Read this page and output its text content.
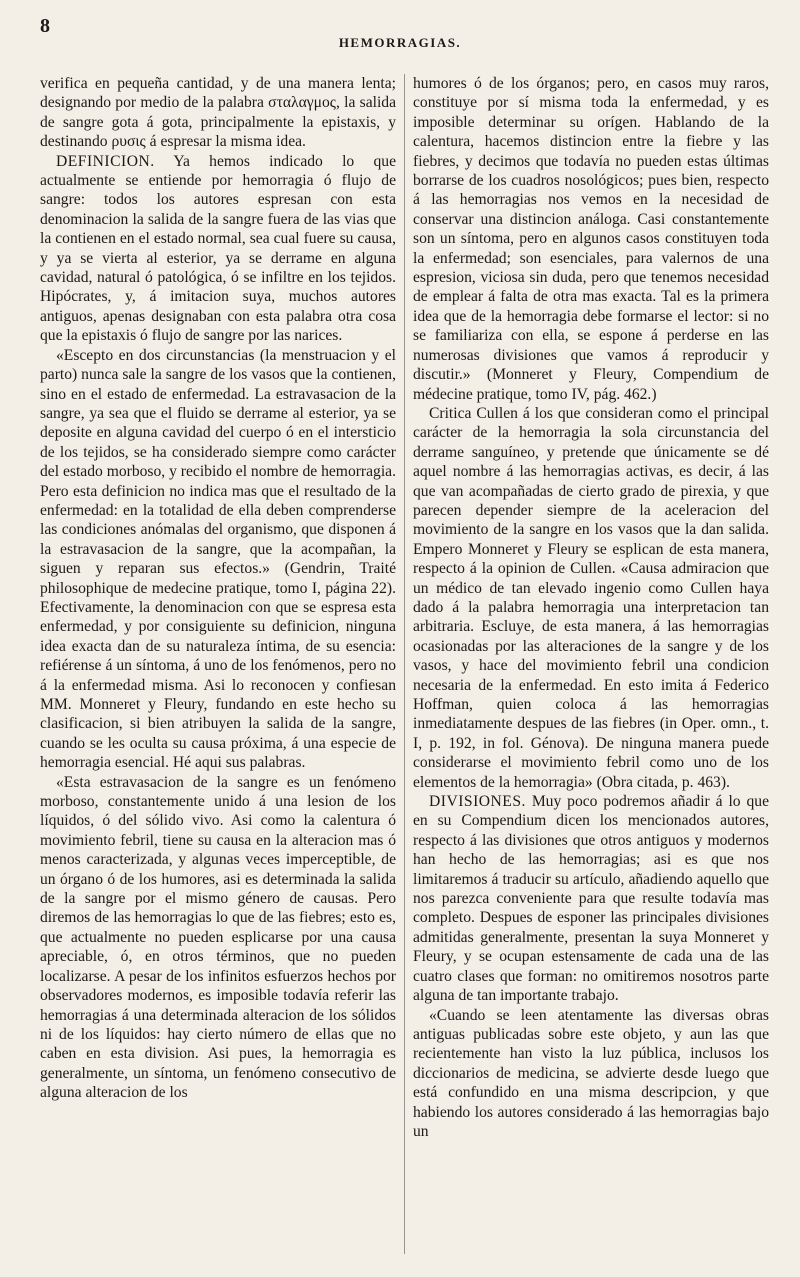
8
HEMORRAGIAS.

verifica en pequeña cantidad, y de una manera lenta; designando por medio de la palabra σταλαγμος, la salida de sangre gota á gota, principalmente la epistaxis, y destinando ρυσις á espresar la misma idea.

DEFINICION. Ya hemos indicado lo que actualmente se entiende por hemorragia ó flujo de sangre: todos los autores espresan con esta denominacion la salida de la sangre fuera de las vias que la contienen en el estado normal, sea cual fuere su causa, y ya se vierta al esterior, ya se derrame en alguna cavidad, natural ó patológica, ó se infiltre en los tejidos. Hipócrates, y, á imitacion suya, muchos autores antiguos, apenas designaban con esta palabra otra cosa que la epistaxis ó flujo de sangre por las narices.

«Escepto en dos circunstancias (la menstruacion y el parto) nunca sale la sangre de los vasos que la contienen, sino en el estado de enfermedad. La estravasacion de la sangre, ya sea que el fluido se derrame al esterior, ya se deposite en alguna cavidad del cuerpo ó en el intersticio de los tejidos, se ha considerado siempre como carácter del estado morboso, y recibido el nombre de hemorragia. Pero esta definicion no indica mas que el resultado de la enfermedad: en la totalidad de ella deben comprenderse las condiciones anómalas del organismo, que disponen á la estravasacion de la sangre, que la acompañan, la siguen y reparan sus efectos.» (Gendrin, Traité philosophique de medecine pratique, tomo I, página 22). Efectivamente, la denominacion con que se espresa esta enfermedad, y por consiguiente su definicion, ninguna idea exacta dan de su naturaleza íntima, de su esencia: refiérense á un síntoma, á uno de los fenómenos, pero no á la enfermedad misma. Asi lo reconocen y confiesan MM. Monneret y Fleury, fundando en este hecho su clasificacion, si bien atribuyen la salida de la sangre, cuando se les oculta su causa próxima, á una especie de hemorragia esencial. Hé aqui sus palabras.

«Esta estravasacion de la sangre es un fenómeno morboso, constantemente unido á una lesion de los líquidos, ó del sólido vivo. Asi como la calentura ó movimiento febril, tiene su causa en la alteracion mas ó menos caracterizada, y algunas veces imperceptible, de un órgano ó de los humores, asi es determinada la salida de la sangre por el mismo género de causas. Pero diremos de las hemorragias lo que de las fiebres; esto es, que actualmente no pueden esplicarse por una causa apreciable, ó, en otros términos, que no pueden localizarse. A pesar de los infinitos esfuerzos hechos por observadores modernos, es imposible todavía referir las hemorragias á una determinada alteracion de los sólidos ni de los líquidos: hay cierto número de ellas que no caben en esta division. Asi pues, la hemorragia es generalmente, un síntoma, un fenómeno consecutivo de alguna alteracion de los

humores ó de los órganos; pero, en casos muy raros, constituye por sí misma toda la enfermedad, y es imposible determinar su orígen. Hablando de la calentura, hacemos distincion entre la fiebre y las fiebres, y decimos que todavía no pueden estas últimas borrarse de los cuadros nosológicos; pues bien, respecto á las hemorragias nos vemos en la necesidad de conservar una distincion análoga. Casi constantemente son un síntoma, pero en algunos casos constituyen toda la enfermedad; son esenciales, para valernos de una espresion, viciosa sin duda, pero que tenemos necesidad de emplear á falta de otra mas exacta. Tal es la primera idea que de la hemorragia debe formarse el lector: si no se familiariza con ella, se espone á perderse en las numerosas divisiones que vamos á reproducir y discutir.» (Monneret y Fleury, Compendium de médecine pratique, tomo IV, pág. 462.)

Critica Cullen á los que consideran como el principal carácter de la hemorragia la sola circunstancia del derrame sanguíneo, y pretende que únicamente se dé aquel nombre á las hemorragias activas, es decir, á las que van acompañadas de cierto grado de pirexia, y que parecen depender siempre de la aceleracion del movimiento de la sangre en los vasos que la dan salida. Empero Monneret y Fleury se esplican de esta manera, respecto á la opinion de Cullen. «Causa admiracion que un médico de tan elevado ingenio como Cullen haya dado á la palabra hemorragia una interpretacion tan arbitraria. Escluye, de esta manera, á las hemorragias ocasionadas por las alteraciones de la sangre y de los vasos, y hace del movimiento febril una condicion necesaria de la enfermedad. En esto imita á Federico Hoffman, quien coloca á las hemorragias inmediatamente despues de las fiebres (in Oper. omn., t. I, p. 192, in fol. Génova). De ninguna manera puede considerarse el movimiento febril como uno de los elementos de la hemorragia» (Obra citada, p. 463).

DIVISIONES. Muy poco podremos añadir á lo que en su Compendium dicen los mencionados autores, respecto á las divisiones que otros antiguos y modernos han hecho de las hemorragias; asi es que nos limitaremos á traducir su artículo, añadiendo aquello que nos parezca conveniente para que resulte todavía mas completo. Despues de esponer las principales divisiones admitidas generalmente, presentan la suya Monneret y Fleury, y se ocupan estensamente de cada una de las cuatro clases que forman: no omitiremos nosotros parte alguna de tan importante trabajo.

«Cuando se leen atentamente las diversas obras antiguas publicadas sobre este objeto, y aun las que recientemente han visto la luz pública, inclusos los diccionarios de medicina, se advierte desde luego que está confundido en una misma descripcion, y que habiendo los autores considerado á las hemorragias bajo un
